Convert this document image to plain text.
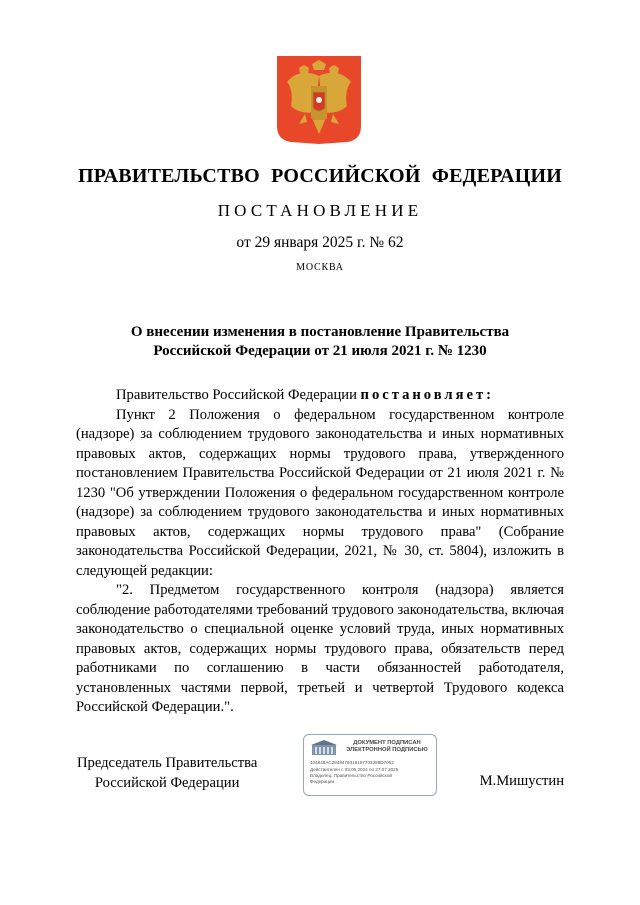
ПРАВИТЕЛЬСТВО РОССИЙСКОЙ ФЕДЕРАЦИИ
ПОСТАНОВЛЕНИЕ
от 29 января 2025 г. № 62
МОСКВА
О внесении изменения в постановление Правительства
Российской Федерации от 21 июля 2021 г. № 1230

Правительство Российской Федерации постановляет:

Пункт 2 Положения о федеральном государственном контроле (надзоре) за соблюдением трудового законодательства и иных нормативных правовых актов, содержащих нормы трудового права, утвержденного постановлением Правительства Российской Федерации от 21 июля 2021 г. № 1230 "Об утверждении Положения о федеральном государственном контроле (надзоре) за соблюдением трудового законодательства и иных нормативных правовых актов, содержащих нормы трудового права" (Собрание законодательства Российской Федерации, 2021, № 30, ст. 5804), изложить в следующей редакции:

"2. Предметом государственного контроля (надзора) является соблюдение работодателями требований трудового законодательства, включая законодательство о специальной оценке условий труда, иных нормативных правовых актов, содержащих нормы трудового права, обязательств перед работниками по соглашению в части обязанностей работодателя, установленных частями первой, третьей и четвертой Трудового кодекса Российской Федерации.".

Председатель Правительства
Российской Федерации
ДОКУМЕНТ ПОДПИСАН
ЭЛЕКТРОННОЙ ПОДПИСЬЮ
404848AC2848479318187703288D7062
Действителен с 03.05.2024 по 27.07.2025
Владелец: Правительство Российской
Федерации	М.Мишустин
